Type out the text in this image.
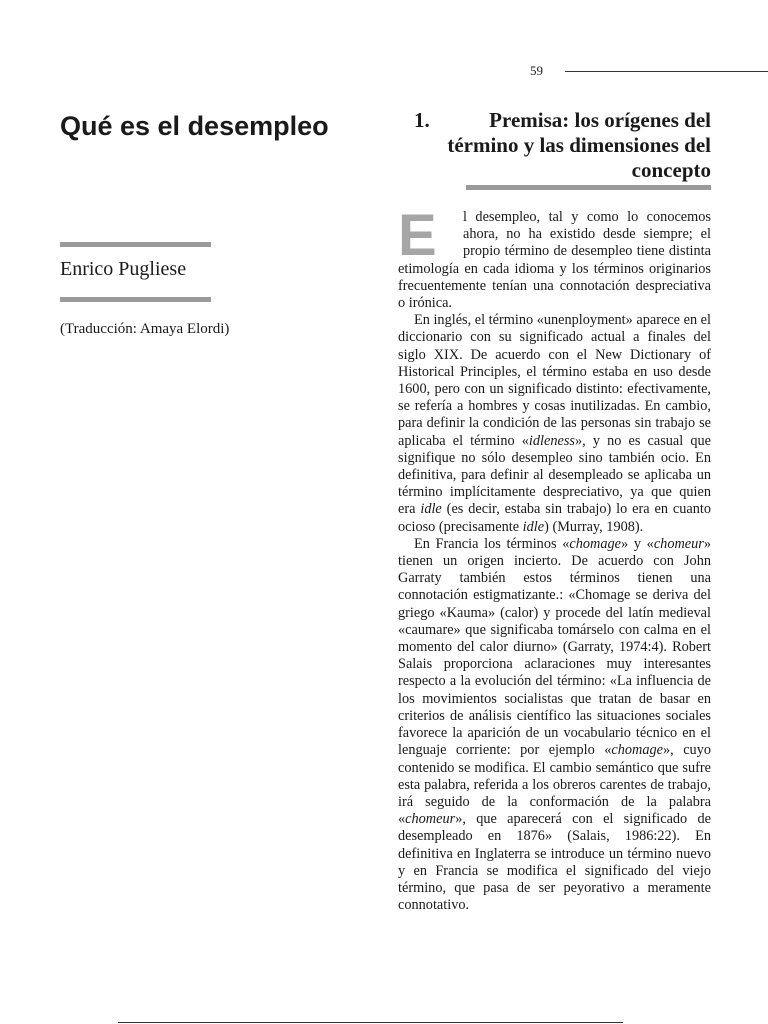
59
Qué es el desempleo
Enrico Pugliese
(Traducción: Amaya Elordi)
1.	Premisa: los orígenes del término y las dimensiones del concepto
E	l desempleo, tal y como lo conocemos ahora, no ha existido desde siempre; el propio término de desempleo tiene distinta etimología en cada idioma y los términos originarios frecuentemente tenían una connotación despreciativa o irónica.

En inglés, el término «unenployment» aparece en el diccionario con su significado actual a finales del siglo XIX. De acuerdo con el New Dictionary of Historical Principles, el término estaba en uso desde 1600, pero con un significado distinto: efectivamente, se refería a hombres y cosas inutilizadas. En cambio, para definir la condición de las personas sin trabajo se aplicaba el término «idleness», y no es casual que signifique no sólo desempleo sino también ocio. En definitiva, para definir al desempleado se aplicaba un término implícitamente despreciativo, ya que quien era idle (es decir, estaba sin trabajo) lo era en cuanto ocioso (precisamente idle) (Murray, 1908).

En Francia los términos «chomage» y «chomeur» tienen un origen incierto. De acuerdo con John Garraty también estos términos tienen una connotación estigmatizante.: «Chomage se deriva del griego «Kauma» (calor) y procede del latín medieval «caumare» que significaba tomárselo con calma en el momento del calor diurno» (Garraty, 1974:4). Robert Salais proporciona aclaraciones muy interesantes respecto a la evolución del término: «La influencia de los movimientos socialistas que tratan de basar en criterios de análisis científico las situaciones sociales favorece la aparición de un vocabulario técnico en el lenguaje corriente: por ejemplo «chomage», cuyo contenido se modifica. El cambio semántico que sufre esta palabra, referida a los obreros carentes de trabajo, irá seguido de la conformación de la palabra «chomeur», que aparecerá con el significado de desempleado en 1876» (Salais, 1986:22). En definitiva en Inglaterra se introduce un término nuevo y en Francia se modifica el significado del viejo término, que pasa de ser peyorativo a meramente connotativo.
